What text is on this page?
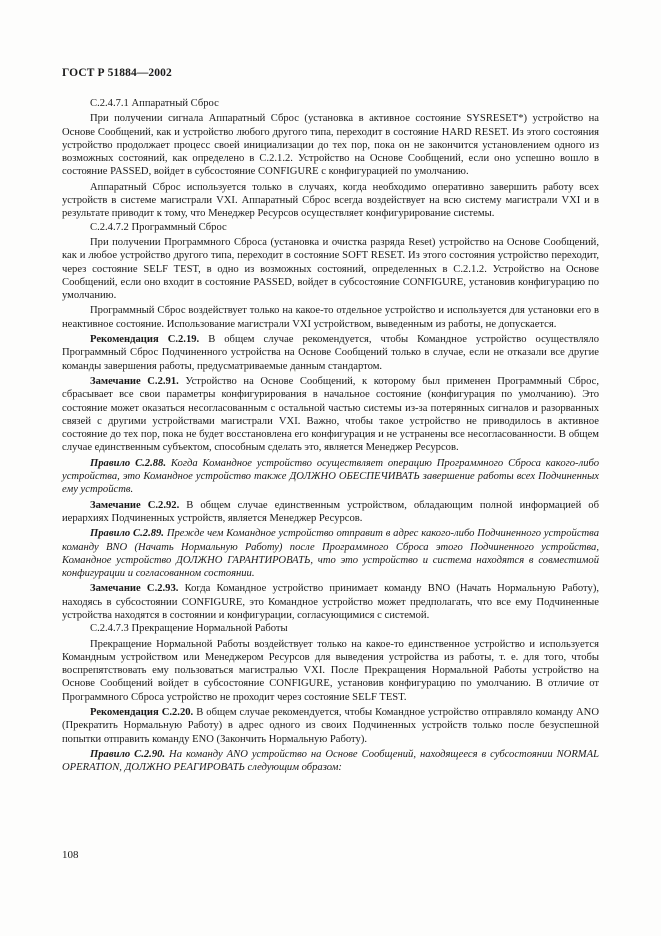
ГОСТ Р 51884—2002

С.2.4.7.1 Аппаратный Сброс

При получении сигнала Аппаратный Сброс (установка в активное состояние SYSRESET*) устройство на Основе Сообщений, как и устройство любого другого типа, переходит в состояние HARD RESET. Из этого состояния устройство продолжает процесс своей инициализации до тех пор, пока он не закончится установлением одного из возможных состояний, как определено в С.2.1.2. Устройство на Основе Сообщений, если оно успешно вошло в состояние PASSED, войдет в субсостояние CONFIGURE с конфигурацией по умолчанию.

Аппаратный Сброс используется только в случаях, когда необходимо оперативно завершить работу всех устройств в системе магистрали VXI. Аппаратный Сброс всегда воздействует на всю систему магистрали VXI и в результате приводит к тому, что Менеджер Ресурсов осуществляет конфигурирование системы.

С.2.4.7.2 Программный Сброс

При получении Программного Сброса (установка и очистка разряда Reset) устройство на Основе Сообщений, как и любое устройство другого типа, переходит в состояние SOFT RESET. Из этого состояния устройство переходит, через состояние SELF TEST, в одно из возможных состояний, определенных в С.2.1.2. Устройство на Основе Сообщений, если оно входит в состояние PASSED, войдет в субсостояние CONFIGURE, установив конфигурацию по умолчанию.

Программный Сброс воздействует только на какое-то отдельное устройство и используется для установки его в неактивное состояние. Использование магистрали VXI устройством, выведенным из работы, не допускается.

Рекомендация С.2.19. В общем случае рекомендуется, чтобы Командное устройство осуществляло Программный Сброс Подчиненного устройства на Основе Сообщений только в случае, если не отказали все другие команды завершения работы, предусматриваемые данным стандартом.

Замечание С.2.91. Устройство на Основе Сообщений, к которому был применен Программный Сброс, сбрасывает все свои параметры конфигурирования в начальное состояние (конфигурация по умолчанию). Это состояние может оказаться несогласованным с остальной частью системы из-за потерянных сигналов и разорванных связей с другими устройствами магистрали VXI. Важно, чтобы такое устройство не приводилось в активное состояние до тех пор, пока не будет восстановлена его конфигурация и не устранены все несогласованности. В общем случае единственным субъектом, способным сделать это, является Менеджер Ресурсов.

Правило С.2.88. Когда Командное устройство осуществляет операцию Программного Сброса какого-либо устройства, это Командное устройство также ДОЛЖНО ОБЕСПЕЧИВАТЬ завершение работы всех Подчиненных ему устройств.

Замечание С.2.92. В общем случае единственным устройством, обладающим полной информацией об иерархиях Подчиненных устройств, является Менеджер Ресурсов.

Правило С.2.89. Прежде чем Командное устройство отправит в адрес какого-либо Подчиненного устройства команду BNO (Начать Нормальную Работу) после Программного Сброса этого Подчиненного устройства, Командное устройство ДОЛЖНО ГАРАНТИРОВАТЬ, что это устройство и система находятся в совместимой конфигурации и согласованном состоянии.

Замечание С.2.93. Когда Командное устройство принимает команду BNO (Начать Нормальную Работу), находясь в субсостоянии CONFIGURE, это Командное устройство может предполагать, что все ему Подчиненные устройства находятся в состоянии и конфигурации, согласующимися с системой.

С.2.4.7.3 Прекращение Нормальной Работы

Прекращение Нормальной Работы воздействует только на какое-то единственное устройство и используется Командным устройством или Менеджером Ресурсов для выведения устройства из работы, т. е. для того, чтобы воспрепятствовать ему пользоваться магистралью VXI. После Прекращения Нормальной Работы устройство на Основе Сообщений войдет в субсостояние CONFIGURE, установив конфигурацию по умолчанию. В отличие от Программного Сброса устройство не проходит через состояние SELF TEST.

Рекомендация С.2.20. В общем случае рекомендуется, чтобы Командное устройство отправляло команду ANO (Прекратить Нормальную Работу) в адрес одного из своих Подчиненных устройств только после безуспешной попытки отправить команду ENO (Закончить Нормальную Работу).

Правило С.2.90. На команду ANO устройство на Основе Сообщений, находящееся в субсостоянии NORMAL OPERATION, ДОЛЖНО РЕАГИРОВАТЬ следующим образом:

108
